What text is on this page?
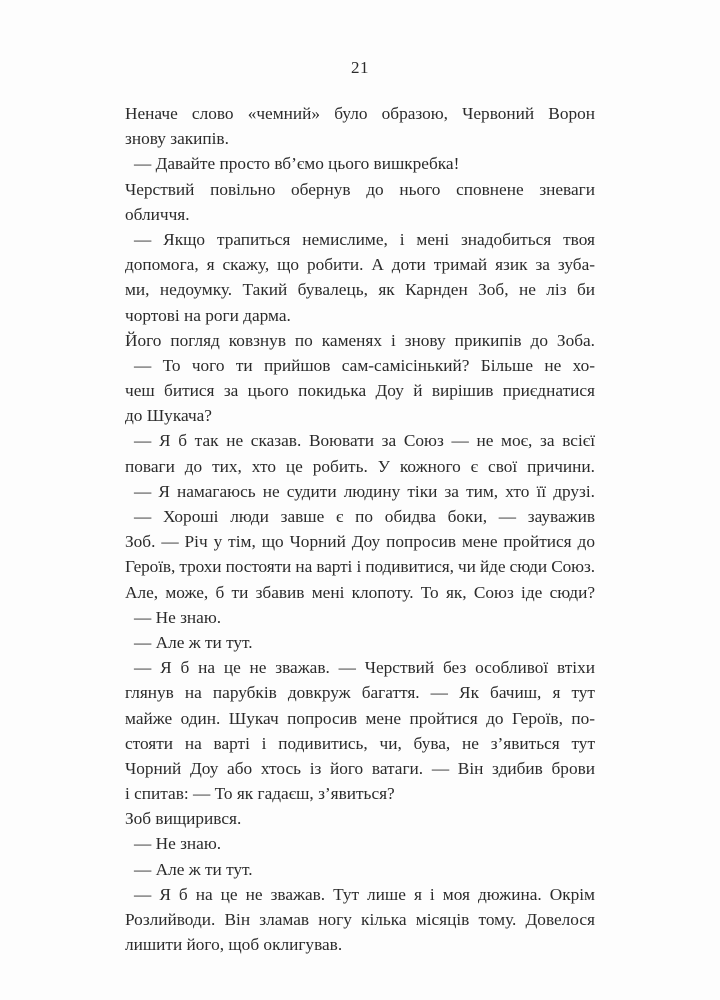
21
Неначе слово «чемний» було образою, Червоний Ворон
знову закипів.
— Давайте просто вб’ємо цього вишкребка!
Черствий повільно обернув до нього сповнене зневаги
обличчя.
— Якщо трапиться немислиме, і мені знадобиться твоя
допомога, я скажу, що робити. А доти тримай язик за зуба-
ми, недоумку. Такий бувалець, як Карнден Зоб, не ліз би
чортові на роги дарма.
Його погляд ковзнув по каменях і знову прикипів до Зоба.
— То чого ти прийшов сам-самісінький? Більше не хо-
чеш битися за цього покидька Доу й вирішив приєднатися
до Шукача?
— Я б так не сказав. Воювати за Союз — не моє, за всієї
поваги до тих, хто це робить. У кожного є свої причини.
— Я намагаюсь не судити людину тіки за тим, хто її друзі.
— Хороші люди завше є по обидва боки, — зауважив
Зоб. — Річ у тім, що Чорний Доу попросив мене пройтися до
Героїв, трохи постояти на варті і подивитися, чи йде сюди Союз.
Але, може, б ти збавив мені клопоту. То як, Союз іде сюди?
— Не знаю.
— Але ж ти тут.
— Я б на це не зважав. — Черствий без особливої втіхи
глянув на парубків довкруж багаття. — Як бачиш, я тут
майже один. Шукач попросив мене пройтися до Героїв, по-
стояти на варті і подивитись, чи, бува, не з’явиться тут
Чорний Доу або хтось із його ватаги. — Він здибив брови
і спитав: — То як гадаєш, з’явиться?
Зоб вищирився.
— Не знаю.
— Але ж ти тут.
— Я б на це не зважав. Тут лише я і моя дюжина. Окрім
Розлийводи. Він зламав ногу кілька місяців тому. Довелося
лишити його, щоб оклигував.
